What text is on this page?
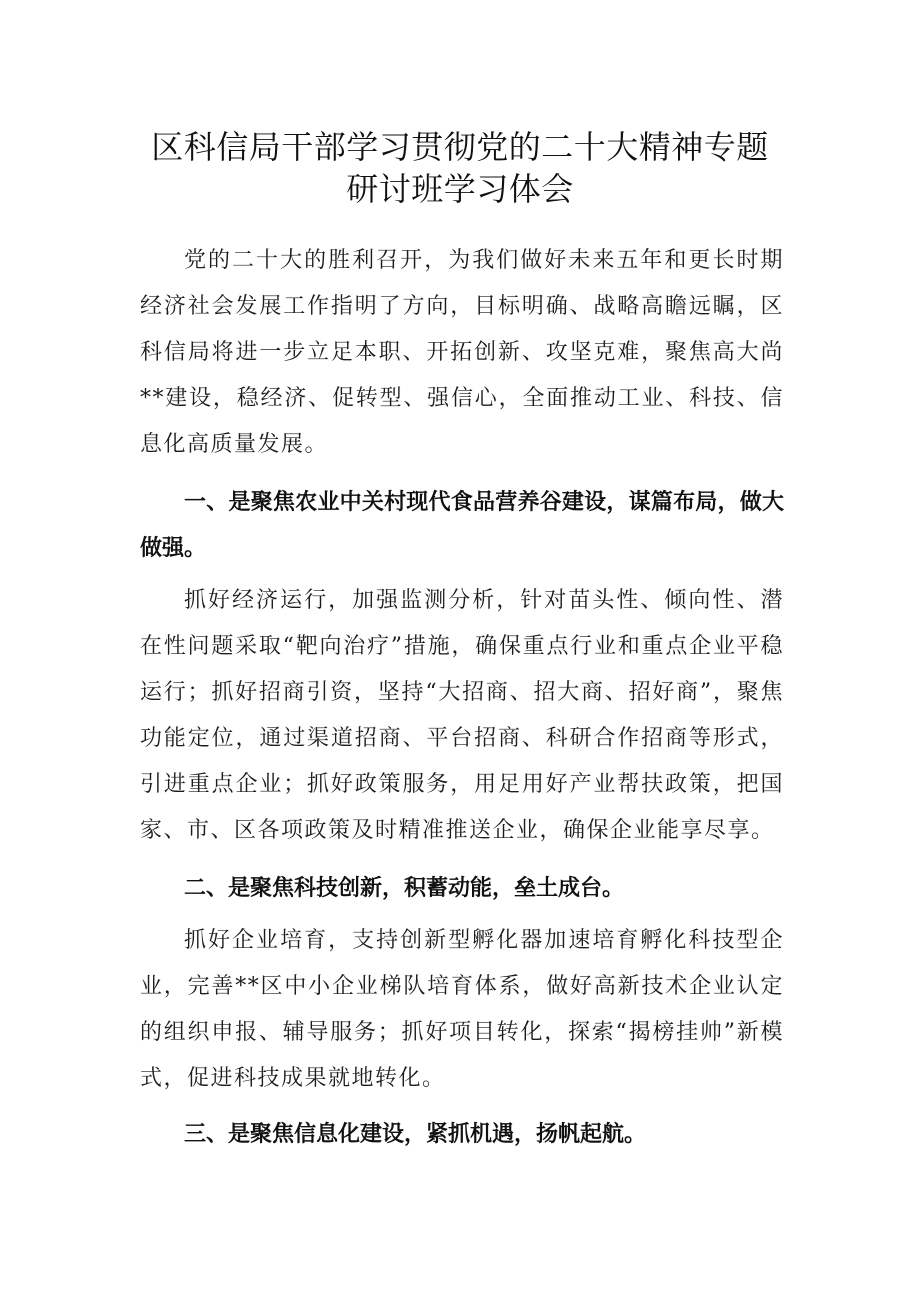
区科信局干部学习贯彻党的二十大精神专题研讨班学习体会

党的二十大的胜利召开，为我们做好未来五年和更长时期经济社会发展工作指明了方向，目标明确、战略高瞻远瞩，区科信局将进一步立足本职、开拓创新、攻坚克难，聚焦高大尚**建设，稳经济、促转型、强信心，全面推动工业、科技、信息化高质量发展。

一、是聚焦农业中关村现代食品营养谷建设，谋篇布局，做大做强。

抓好经济运行，加强监测分析，针对苗头性、倾向性、潜在性问题采取“靶向治疗”措施，确保重点行业和重点企业平稳运行；抓好招商引资，坚持“大招商、招大商、招好商”，聚焦功能定位，通过渠道招商、平台招商、科研合作招商等形式，引进重点企业；抓好政策服务，用足用好产业帮扶政策，把国家、市、区各项政策及时精准推送企业，确保企业能享尽享。

二、是聚焦科技创新，积蓄动能，垒土成台。

抓好企业培育，支持创新型孵化器加速培育孵化科技型企业，完善**区中小企业梯队培育体系，做好高新技术企业认定的组织申报、辅导服务；抓好项目转化，探索“揭榜挂帅”新模式，促进科技成果就地转化。

三、是聚焦信息化建设，紧抓机遇，扬帆起航。
